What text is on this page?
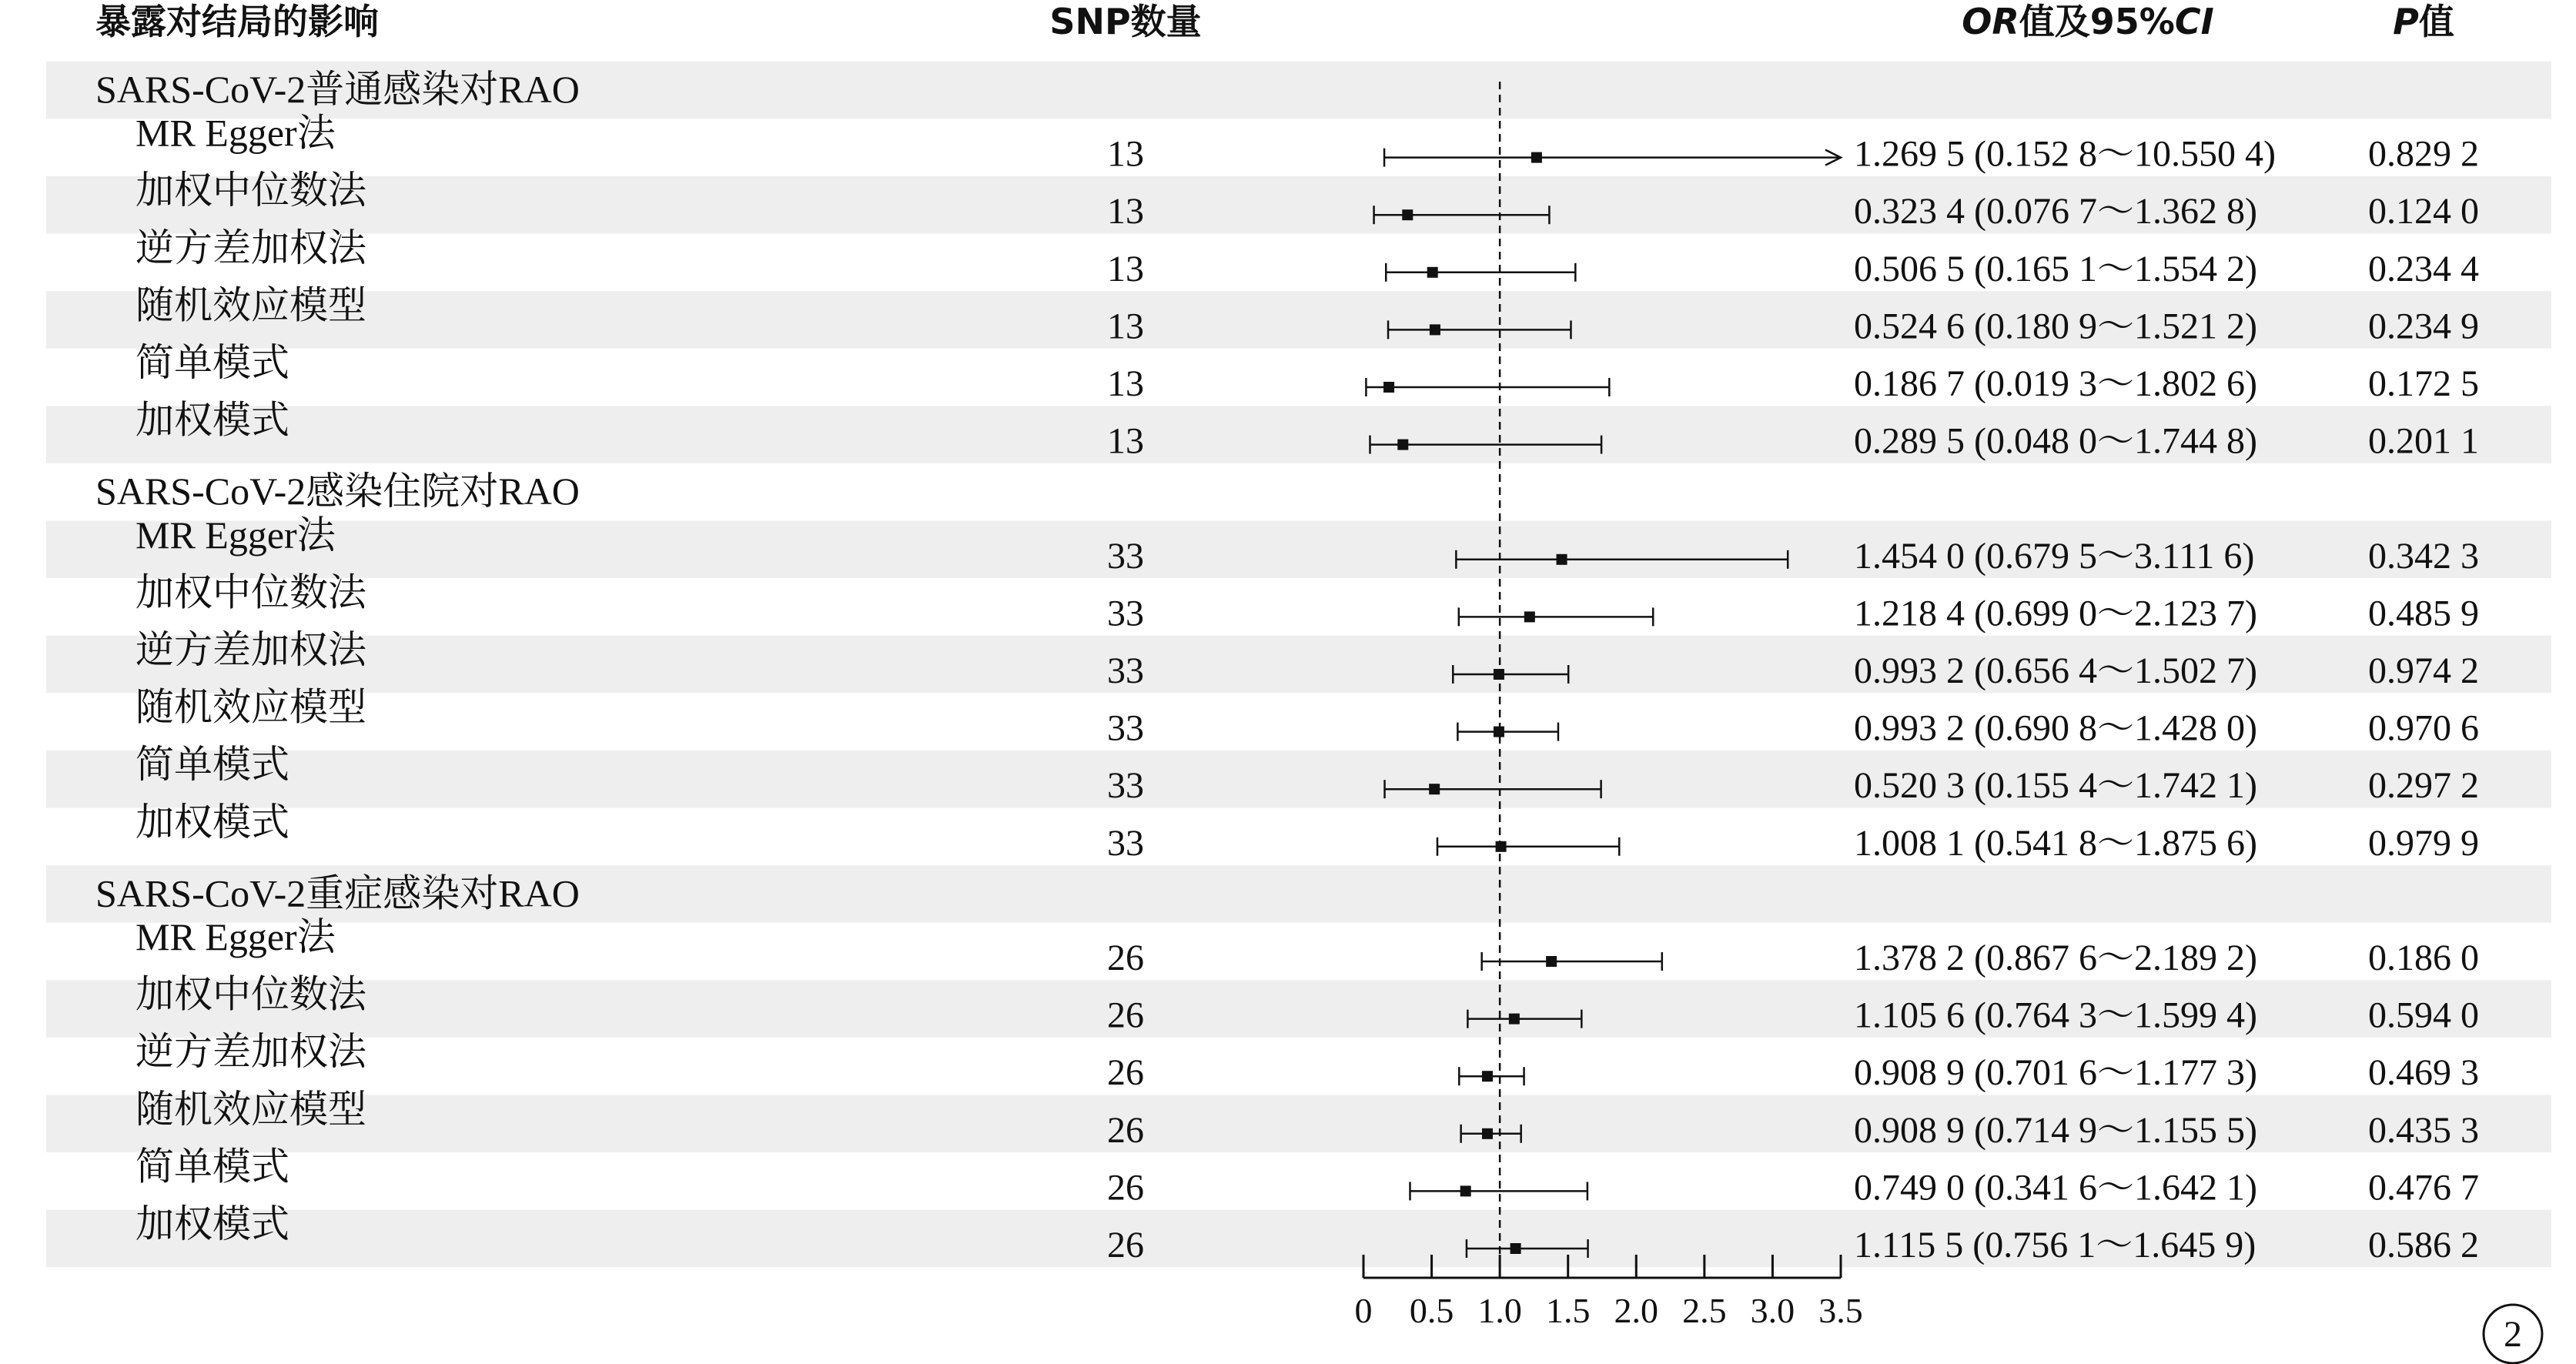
暴露对结局的影响	SNP数量	OR值及95%CI	P值
SARS-CoV-2普通感染对RAO
MR Egger法	13	1.269 5 (0.152 8～10.550 4)	0.829 2
加权中位数法	13	0.323 4 (0.076 7～1.362 8)	0.124 0
逆方差加权法	13	0.506 5 (0.165 1～1.554 2)	0.234 4
随机效应模型	13	0.524 6 (0.180 9～1.521 2)	0.234 9
简单模式	13	0.186 7 (0.019 3～1.802 6)	0.172 5
加权模式	13	0.289 5 (0.048 0～1.744 8)	0.201 1
SARS-CoV-2感染住院对RAO
MR Egger法	33	1.454 0 (0.679 5～3.111 6)	0.342 3
加权中位数法	33	1.218 4 (0.699 0～2.123 7)	0.485 9
逆方差加权法	33	0.993 2 (0.656 4～1.502 7)	0.974 2
随机效应模型	33	0.993 2 (0.690 8～1.428 0)	0.970 6
简单模式	33	0.520 3 (0.155 4～1.742 1)	0.297 2
加权模式	33	1.008 1 (0.541 8～1.875 6)	0.979 9
SARS-CoV-2重症感染对RAO
MR Egger法	26	1.378 2 (0.867 6～2.189 2)	0.186 0
加权中位数法	26	1.105 6 (0.764 3～1.599 4)	0.594 0
逆方差加权法	26	0.908 9 (0.701 6～1.177 3)	0.469 3
随机效应模型	26	0.908 9 (0.714 9～1.155 5)	0.435 3
简单模式	26	0.749 0 (0.341 6～1.642 1)	0.476 7
加权模式	26	1.115 5 (0.756 1～1.645 9)	0.586 2
0 0.5 1.0 1.5 2.0 2.5 3.0 3.5
2
